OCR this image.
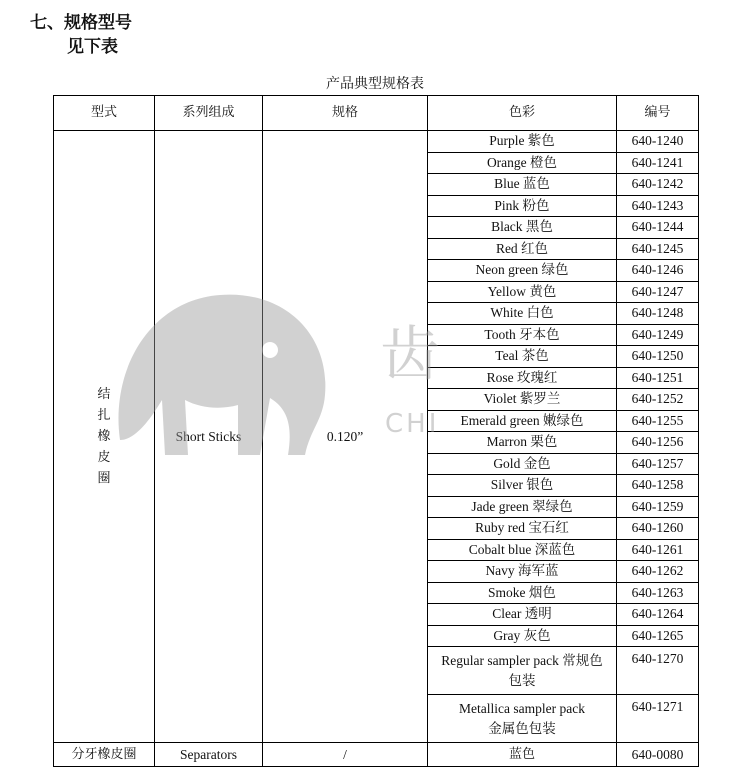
七、规格型号
见下表
产品典型规格表
型式	系列组成	规格	色彩	编号

结
扎
橡
皮
圈	Short Sticks	0.120”	Purple 紫色	640-1240
			Orange 橙色	640-1241
			Blue 蓝色	640-1242
			Pink 粉色	640-1243
			Black 黑色	640-1244
			Red 红色	640-1245
			Neon green 绿色	640-1246
			Yellow 黄色	640-1247
			White 白色	640-1248
			Tooth 牙本色	640-1249
			Teal 茶色	640-1250
			Rose 玫瑰红	640-1251
			Violet 紫罗兰	640-1252
			Emerald green 嫩绿色	640-1255
			Marron 栗色	640-1256
			Gold 金色	640-1257
			Silver 银色	640-1258
			Jade green 翠绿色	640-1259
			Ruby red 宝石红	640-1260
			Cobalt blue 深蓝色	640-1261
			Navy 海军蓝	640-1262
			Smoke 烟色	640-1263
			Clear 透明	640-1264
			Gray 灰色	640-1265

			Regular sampler pack 常规色
包装	640-1270

			Metallica sampler pack
金属色包装	640-1271
分牙橡皮圈	Separators	/	蓝色	640-0080
齿
CHI
